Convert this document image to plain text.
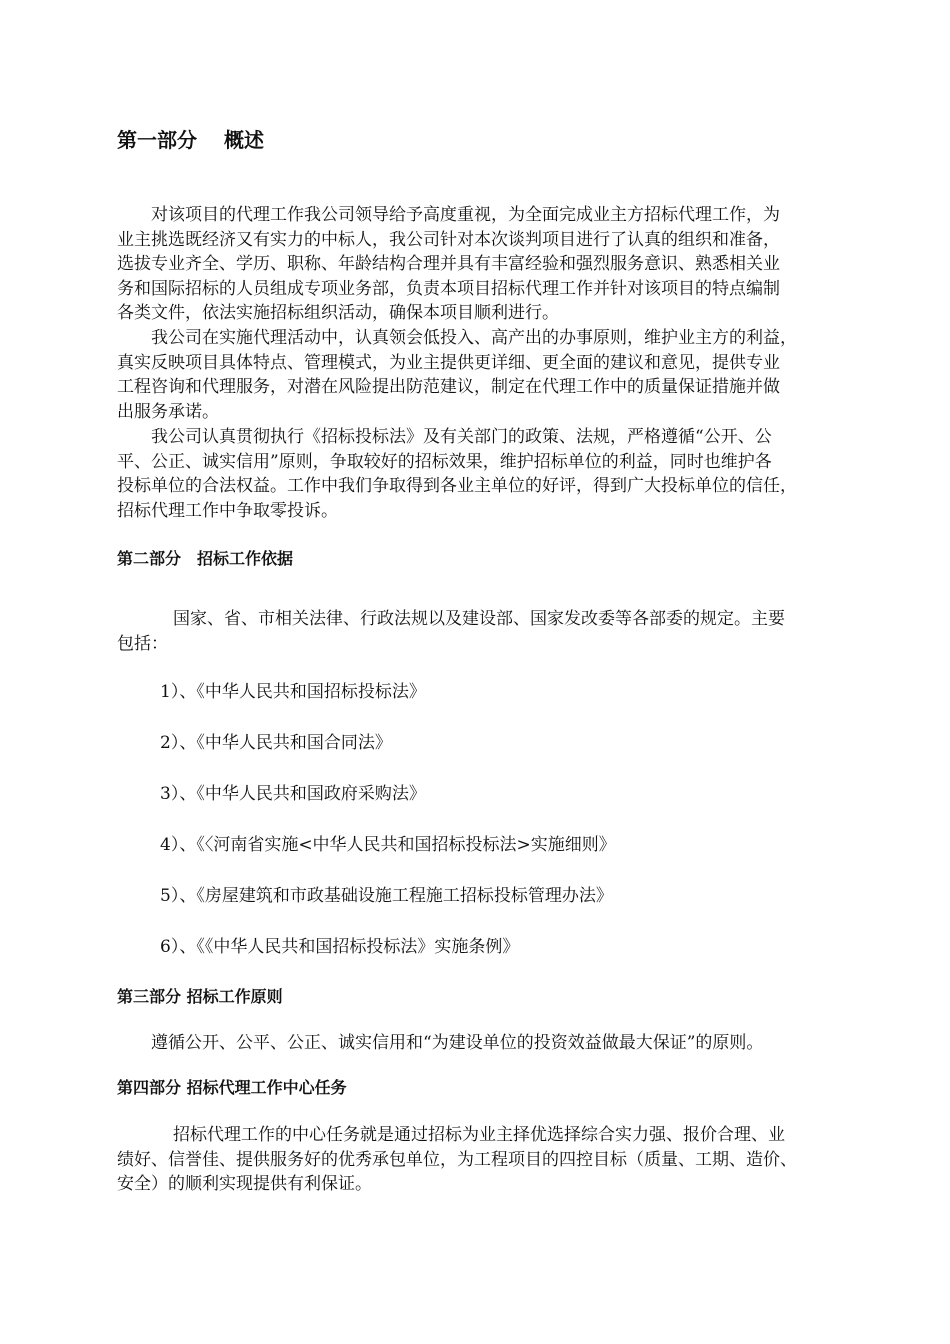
第一部分　 概述
对该项目的代理工作我公司领导给予高度重视，为全面完成业主方招标代理工作，为
业主挑选既经济又有实力的中标人，我公司针对本次谈判项目进行了认真的组织和准备，
选拔专业齐全、学历、职称、年龄结构合理并具有丰富经验和强烈服务意识、熟悉相关业
务和国际招标的人员组成专项业务部，负责本项目招标代理工作并针对该项目的特点编制
各类文件，依法实施招标组织活动，确保本项目顺利进行。
我公司在实施代理活动中，认真领会低投入、高产出的办事原则，维护业主方的利益，
真实反映项目具体特点、管理模式，为业主提供更详细、更全面的建议和意见，提供专业
工程咨询和代理服务，对潜在风险提出防范建议，制定在代理工作中的质量保证措施并做
出服务承诺。
我公司认真贯彻执行《招标投标法》及有关部门的政策、法规，严格遵循“公开、公
平、公正、诚实信用”原则，争取较好的招标效果，维护招标单位的利益，同时也维护各
投标单位的合法权益。工作中我们争取得到各业主单位的好评，得到广大投标单位的信任，
招标代理工作中争取零投诉。
第二部分　招标工作依据
国家、省、市相关法律、行政法规以及建设部、国家发改委等各部委的规定。主要
包括：
1）、《中华人民共和国招标投标法》
2）、《中华人民共和国合同法》
3）、《中华人民共和国政府采购法》
4）、《〈河南省实施<中华人民共和国招标投标法>实施细则》
5）、《房屋建筑和市政基础设施工程施工招标投标管理办法》
6）、《《中华人民共和国招标投标法》实施条例》
第三部分 招标工作原则
遵循公开、公平、公正、诚实信用和“为建设单位的投资效益做最大保证”的原则。
第四部分 招标代理工作中心任务
招标代理工作的中心任务就是通过招标为业主择优选择综合实力强、报价合理、业
绩好、信誉佳、提供服务好的优秀承包单位，为工程项目的四控目标（质量、工期、造价、
安全）的顺利实现提供有利保证。
